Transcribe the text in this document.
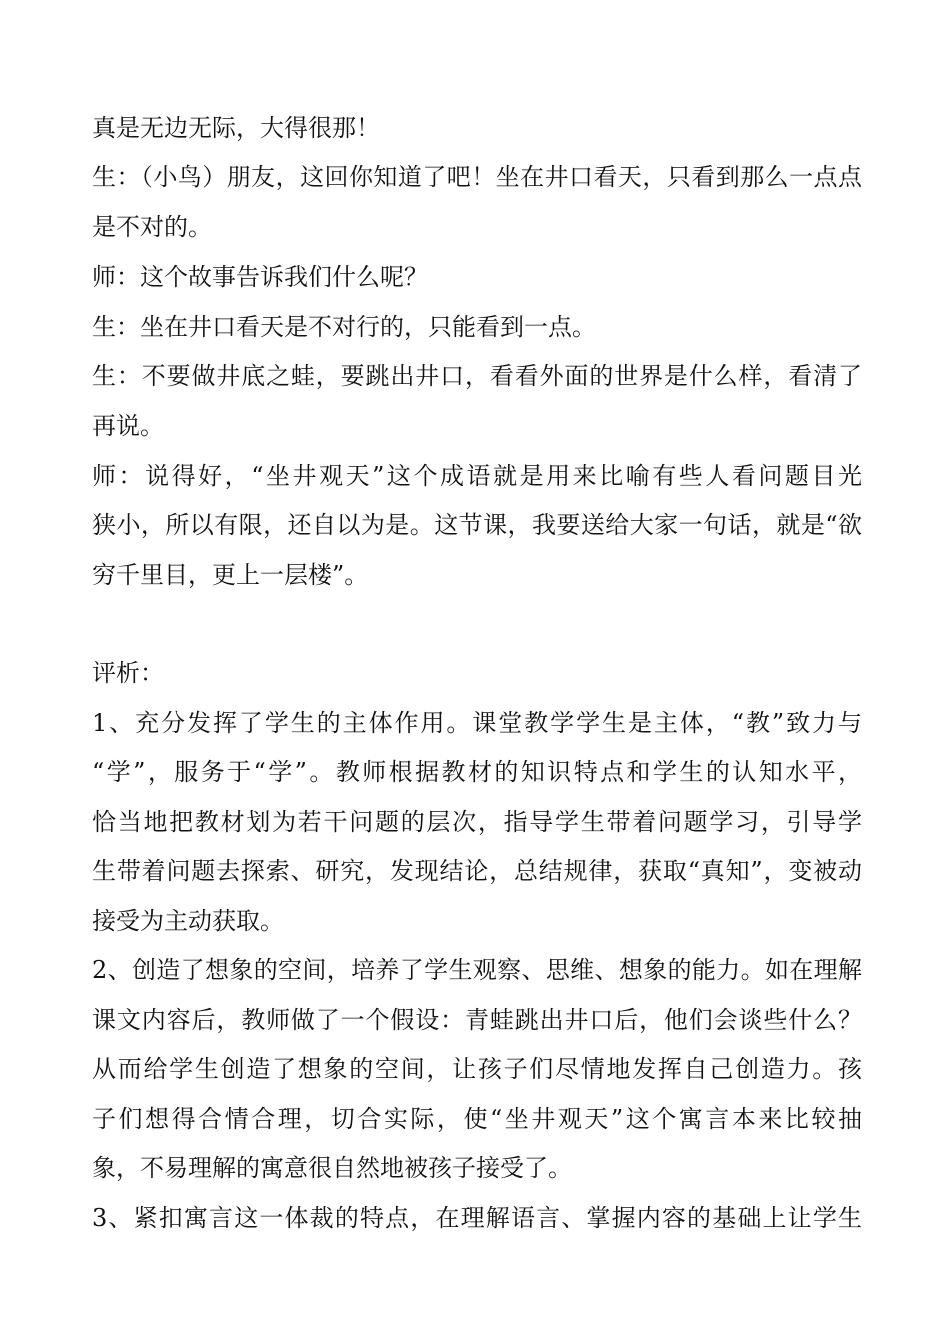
真是无边无际，大得很那！
生：（小鸟）朋友，这回你知道了吧！坐在井口看天，只看到那么一点点
是不对的。
师：这个故事告诉我们什么呢？
生：坐在井口看天是不对行的，只能看到一点。
生：不要做井底之蛙，要跳出井口，看看外面的世界是什么样，看清了
再说。
师：说得好，“坐井观天”这个成语就是用来比喻有些人看问题目光
狭小，所以有限，还自以为是。这节课，我要送给大家一句话，就是“欲
穷千里目，更上一层楼”。
评析：
1、充分发挥了学生的主体作用。课堂教学学生是主体，“教”致力与
“学”，服务于“学”。教师根据教材的知识特点和学生的认知水平，
恰当地把教材划为若干问题的层次，指导学生带着问题学习，引导学
生带着问题去探索、研究，发现结论，总结规律，获取“真知”，变被动
接受为主动获取。
2、创造了想象的空间，培养了学生观察、思维、想象的能力。如在理解
课文内容后，教师做了一个假设：青蛙跳出井口后，他们会谈些什么？
从而给学生创造了想象的空间，让孩子们尽情地发挥自己创造力。孩
子们想得合情合理，切合实际，使“坐井观天”这个寓言本来比较抽
象，不易理解的寓意很自然地被孩子接受了。
3、紧扣寓言这一体裁的特点，在理解语言、掌握内容的基础上让学生
